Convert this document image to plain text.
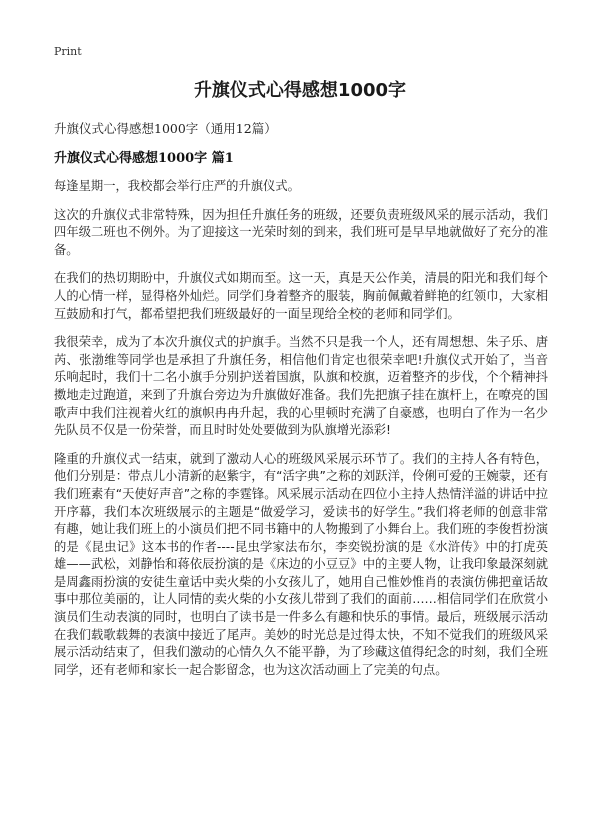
Print
升旗仪式心得感想1000字
升旗仪式心得感想1000字（通用12篇）
升旗仪式心得感想1000字 篇1

每逢星期一，我校都会举行庄严的升旗仪式。

这次的升旗仪式非常特殊，因为担任升旗任务的班级，还要负责班级风采的展示活动，我们四年级二班也不例外。为了迎接这一光荣时刻的到来，我们班可是早早地就做好了充分的准备。

在我们的热切期盼中，升旗仪式如期而至。这一天，真是天公作美，清晨的阳光和我们每个人的心情一样，显得格外灿烂。同学们身着整齐的服装，胸前佩戴着鲜艳的红领巾，大家相互鼓励和打气，都希望把我们班级最好的一面呈现给全校的老师和同学们。

我很荣幸，成为了本次升旗仪式的护旗手。当然不只是我一个人，还有周想想、朱子乐、唐芮、张渤维等同学也是承担了升旗任务，相信他们肯定也很荣幸吧!升旗仪式开始了，当音乐响起时，我们十二名小旗手分别护送着国旗，队旗和校旗，迈着整齐的步伐，个个精神抖擞地走过跑道，来到了升旗台旁边为升旗做好准备。我们先把旗子挂在旗杆上，在嘹亮的国歌声中我们注视着火红的旗帜冉冉升起，我的心里顿时充满了自豪感，也明白了作为一名少先队员不仅是一份荣誉，而且时时处处要做到为队旗增光添彩!

隆重的升旗仪式一结束，就到了激动人心的班级风采展示环节了。我们的主持人各有特色，他们分别是：带点儿小清新的赵紫宇，有“活字典”之称的刘跃洋，伶俐可爱的王婉蒙，还有我们班素有“天使好声音”之称的李霆锋。风采展示活动在四位小主持人热情洋溢的讲话中拉开序幕，我们本次班级展示的主题是“做爱学习，爱读书的好学生。”我们将老师的创意非常有趣，她让我们班上的小演员们把不同书籍中的人物搬到了小舞台上。我们班的李俊哲扮演的是《昆虫记》这本书的作者----昆虫学家法布尔，李奕锐扮演的是《水浒传》中的打虎英雄——武松，刘静怡和蒋依辰扮演的是《床边的小豆豆》中的主要人物，让我印象最深刻就是周鑫雨扮演的安徒生童话中卖火柴的小女孩儿了，她用自己惟妙惟肖的表演仿佛把童话故事中那位美丽的，让人同情的卖火柴的小女孩儿带到了我们的面前……相信同学们在欣赏小演员们生动表演的同时，也明白了读书是一件多么有趣和快乐的事情。最后，班级展示活动在我们载歌载舞的表演中接近了尾声。美妙的时光总是过得太快，不知不觉我们的班级风采展示活动结束了，但我们激动的心情久久不能平静，为了珍藏这值得纪念的时刻，我们全班同学，还有老师和家长一起合影留念，也为这次活动画上了完美的句点。
